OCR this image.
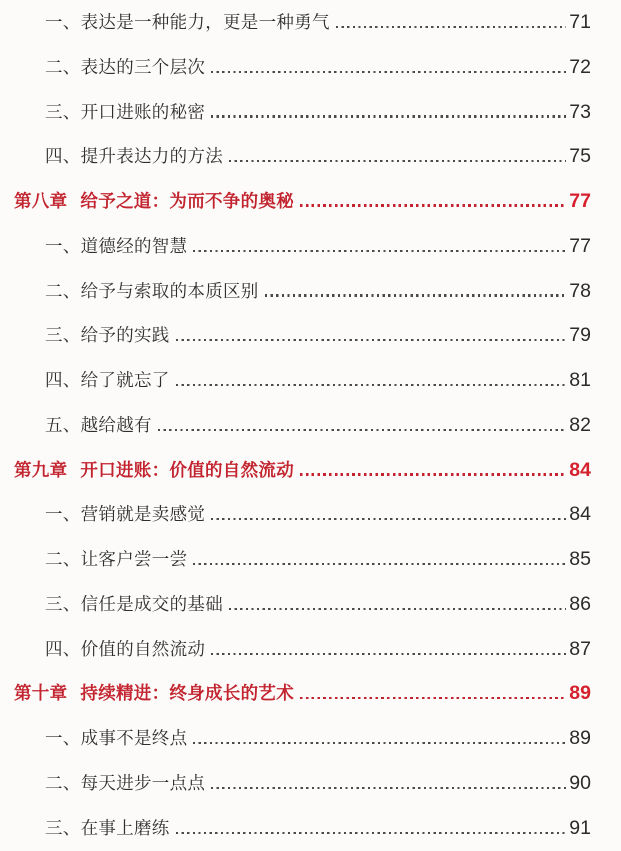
一、 表达是一种能力，更是一种勇气	71
二、 表达的三个层次	72
三、 开口进账的秘密	73
四、 提升表达力的方法	75
第八章 给予之道：为而不争的奥秘	77
一、 道德经的智慧	77
二、 给予与索取的本质区别	78
三、 给予的实践	79
四、 给了就忘了	81
五、 越给越有	82
第九章 开口进账：价值的自然流动	84
一、 营销就是卖感觉	84
二、 让客户尝一尝	85
三、 信任是成交的基础	86
四、 价值的自然流动	87
第十章 持续精进：终身成长的艺术	89
一、 成事不是终点	89
二、 每天进步一点点	90
三、 在事上磨练	91
